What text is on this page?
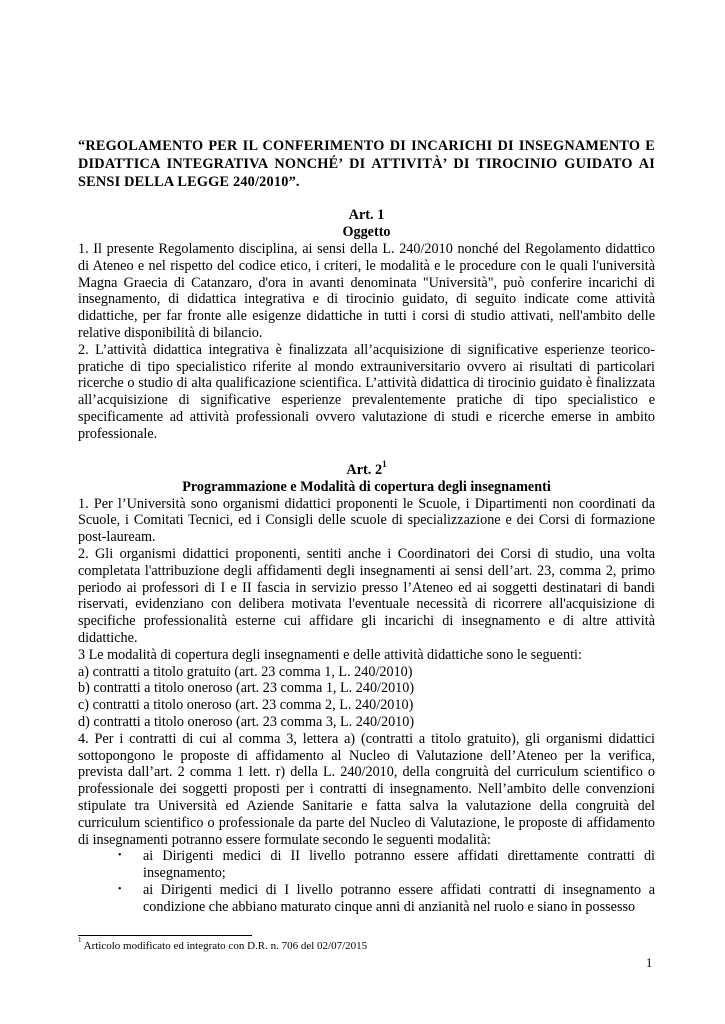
“REGOLAMENTO PER IL CONFERIMENTO DI INCARICHI DI INSEGNAMENTO E DIDATTICA INTEGRATIVA NONCHÉ’ DI ATTIVITÀ’ DI TIROCINIO GUIDATO AI SENSI DELLA LEGGE 240/2010”.
Art. 1
Oggetto

1. Il presente Regolamento disciplina, ai sensi della L. 240/2010 nonché del Regolamento didattico di Ateneo e nel rispetto del codice etico, i criteri, le modalità e le procedure con le quali l'università Magna Graecia di Catanzaro, d'ora in avanti denominata "Università", può conferire incarichi di insegnamento, di didattica integrativa e di tirocinio guidato, di seguito indicate come attività didattiche, per far fronte alle esigenze didattiche in tutti i corsi di studio attivati, nell'ambito delle relative disponibilità di bilancio.

2. L’attività didattica integrativa è finalizzata all’acquisizione di significative esperienze teorico-pratiche di tipo specialistico riferite al mondo extrauniversitario ovvero ai risultati di particolari ricerche o studio di alta qualificazione scientifica. L’attività didattica di tirocinio guidato è finalizzata all’acquisizione di significative esperienze prevalentemente pratiche di tipo specialistico e specificamente ad attività professionali ovvero valutazione di studi e ricerche emerse in ambito professionale.

Art. $2^1$
Programmazione e Modalità di copertura degli insegnamenti

1. Per l’Università sono organismi didattici proponenti le Scuole, i Dipartimenti non coordinati da Scuole, i Comitati Tecnici, ed i Consigli delle scuole di specializzazione e dei Corsi di formazione post-lauream.

2. Gli organismi didattici proponenti, sentiti anche i Coordinatori dei Corsi di studio, una volta completata l'attribuzione degli affidamenti degli insegnamenti ai sensi dell’art. 23, comma 2, primo periodo ai professori di I e II fascia in servizio presso l’Ateneo ed ai soggetti destinatari di bandi riservati, evidenziano con delibera motivata l'eventuale necessità di ricorrere all'acquisizione di specifiche professionalità esterne cui affidare gli incarichi di insegnamento e di altre attività didattiche.

3 Le modalità di copertura degli insegnamenti e delle attività didattiche sono le seguenti:

a) contratti a titolo gratuito (art. 23 comma 1, L. 240/2010)

b) contratti a titolo oneroso (art. 23 comma 1, L. 240/2010)

c) contratti a titolo oneroso (art. 23 comma 2, L. 240/2010)

d) contratti a titolo oneroso (art. 23 comma 3, L. 240/2010)

4. Per i contratti di cui al comma 3, lettera a) (contratti a titolo gratuito), gli organismi didattici sottopongono le proposte di affidamento al Nucleo di Valutazione dell’Ateneo per la verifica, prevista dall’art. 2 comma 1 lett. r) della L. 240/2010, della congruità del curriculum scientifico o professionale dei soggetti proposti per i contratti di insegnamento. Nell’ambito delle convenzioni stipulate tra Università ed Aziende Sanitarie e fatta salva la valutazione della congruità del curriculum scientifico o professionale da parte del Nucleo di Valutazione, le proposte di affidamento di insegnamenti potranno essere formulate secondo le seguenti modalità:

• ai Dirigenti medici di II livello potranno essere affidati direttamente contratti di insegnamento;
• ai Dirigenti medici di I livello potranno essere affidati contratti di insegnamento a condizione che abbiano maturato cinque anni di anzianità nel ruolo e siano in possesso
$^1$ Articolo modificato ed integrato con D.R. n. 706 del 02/07/2015
1
